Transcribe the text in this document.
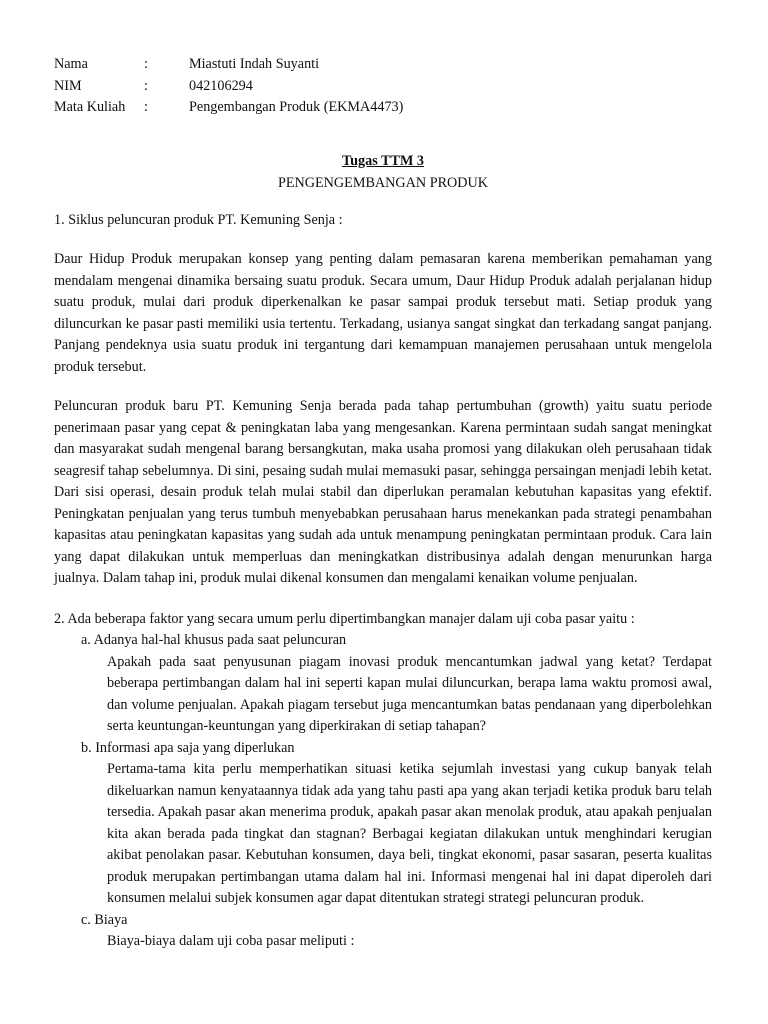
Nama	:	Miastuti Indah Suyanti
NIM	:	042106294
Mata Kuliah	:	Pengembangan Produk (EKMA4473)
Tugas TTM 3
PENGENGEMBANGAN PRODUK

1. Siklus peluncuran produk PT. Kemuning Senja :

Daur Hidup Produk merupakan konsep yang penting dalam pemasaran karena memberikan pemahaman yang mendalam mengenai dinamika bersaing suatu produk. Secara umum, Daur Hidup Produk adalah perjalanan hidup suatu produk, mulai dari produk diperkenalkan ke pasar sampai produk tersebut mati. Setiap produk yang diluncurkan ke pasar pasti memiliki usia tertentu. Terkadang, usianya sangat singkat dan terkadang sangat panjang. Panjang pendeknya usia suatu produk ini tergantung dari kemampuan manajemen perusahaan untuk mengelola produk tersebut.

Peluncuran produk baru PT. Kemuning Senja berada pada tahap pertumbuhan (growth) yaitu suatu periode penerimaan pasar yang cepat & peningkatan laba yang mengesankan. Karena permintaan sudah sangat meningkat dan masyarakat sudah mengenal barang bersangkutan, maka usaha promosi yang dilakukan oleh perusahaan tidak seagresif tahap sebelumnya. Di sini, pesaing sudah mulai memasuki pasar, sehingga persaingan menjadi lebih ketat. Dari sisi operasi, desain produk telah mulai stabil dan diperlukan peramalan kebutuhan kapasitas yang efektif. Peningkatan penjualan yang terus tumbuh menyebabkan perusahaan harus menekankan pada strategi penambahan kapasitas atau peningkatan kapasitas yang sudah ada untuk menampung peningkatan permintaan produk. Cara lain yang dapat dilakukan untuk memperluas dan meningkatkan distribusinya adalah dengan menurunkan harga jualnya. Dalam tahap ini, produk mulai dikenal konsumen dan mengalami kenaikan volume penjualan.

2. Ada beberapa faktor yang secara umum perlu dipertimbangkan manajer dalam uji coba pasar yaitu :

a. Adanya hal-hal khusus pada saat peluncuran
Apakah pada saat penyusunan piagam inovasi produk mencantumkan jadwal yang ketat? Terdapat beberapa pertimbangan dalam hal ini seperti kapan mulai diluncurkan, berapa lama waktu promosi awal, dan volume penjualan. Apakah piagam tersebut juga mencantumkan batas pendanaan yang diperbolehkan serta keuntungan-keuntungan yang diperkirakan di setiap tahapan?
b. Informasi apa saja yang diperlukan
Pertama-tama kita perlu memperhatikan situasi ketika sejumlah investasi yang cukup banyak telah dikeluarkan namun kenyataannya tidak ada yang tahu pasti apa yang akan terjadi ketika produk baru telah tersedia. Apakah pasar akan menerima produk, apakah pasar akan menolak produk, atau apakah penjualan kita akan berada pada tingkat dan stagnan? Berbagai kegiatan dilakukan untuk menghindari kerugian akibat penolakan pasar. Kebutuhan konsumen, daya beli, tingkat ekonomi, pasar sasaran, peserta kualitas produk merupakan pertimbangan utama dalam hal ini. Informasi mengenai hal ini dapat diperoleh dari konsumen melalui subjek konsumen agar dapat ditentukan strategi strategi peluncuran produk.
c. Biaya
Biaya-biaya dalam uji coba pasar meliputi :
